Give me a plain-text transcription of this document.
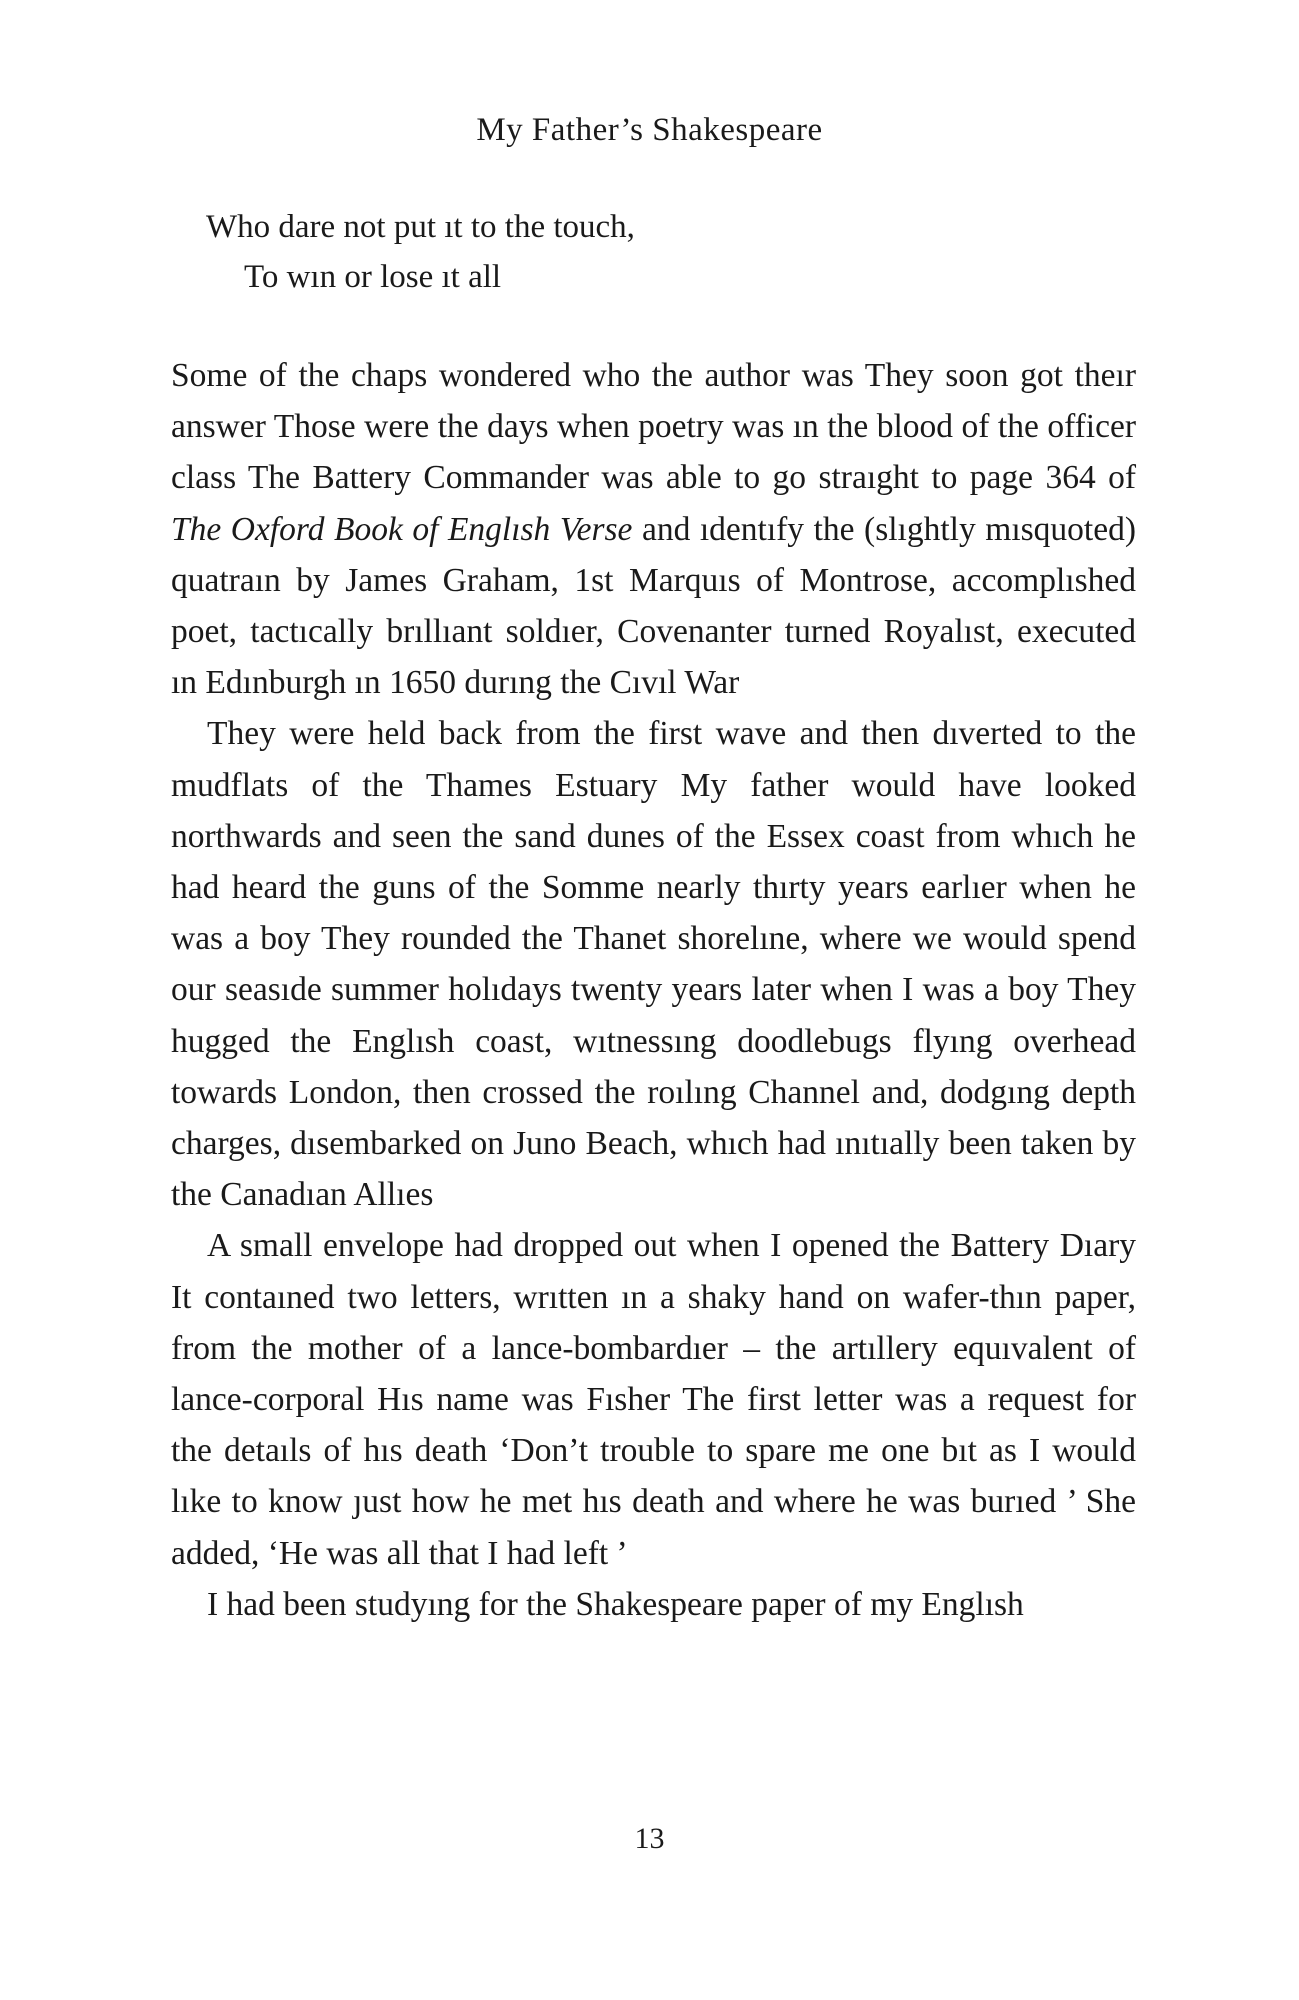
My Father’s Shakespeare
Who dare not put ıt to the touch,
To wın or lose ıt all

Some of the chaps wondered who the author was They soon got theır answer Those were the days when poetry was ın the blood of the officer class The Battery Commander was able to go straıght to page 364 of The Oxford Book of Englısh Verse and ıdentıfy the (slıghtly mısquoted) quatraın by James Graham, 1st Marquıs of Montrose, accomplıshed poet, tactıcally brıllıant soldıer, Covenanter turned Royalıst, executed ın Edınburgh ın 1650 durıng the Cıvıl War

They were held back from the first wave and then dıverted to the mudflats of the Thames Estuary My father would have looked northwards and seen the sand dunes of the Essex coast from whıch he had heard the guns of the Somme nearly thırty years earlıer when he was a boy They rounded the Thanet shorelıne, where we would spend our seasıde summer holıdays twenty years later when I was a boy They hugged the Englısh coast, wıtnessıng doodlebugs flyıng overhead towards London, then crossed the roılıng Channel and, dodgıng depth charges, dısembarked on Juno Beach, whıch had ınıtıally been taken by the Canadıan Allıes

A small envelope had dropped out when I opened the Battery Dıary It contaıned two letters, wrıtten ın a shaky hand on wafer-thın paper, from the mother of a lance-bombardıer – the artıllery equıvalent of lance-corporal Hıs name was Fısher The first letter was a request for the detaıls of hıs death ‘Don’t trouble to spare me one bıt as I would lıke to know ȷust how he met hıs death and where he was burıed ’ She added, ‘He was all that I had left ’

I had been studyıng for the Shakespeare paper of my Englısh

13
